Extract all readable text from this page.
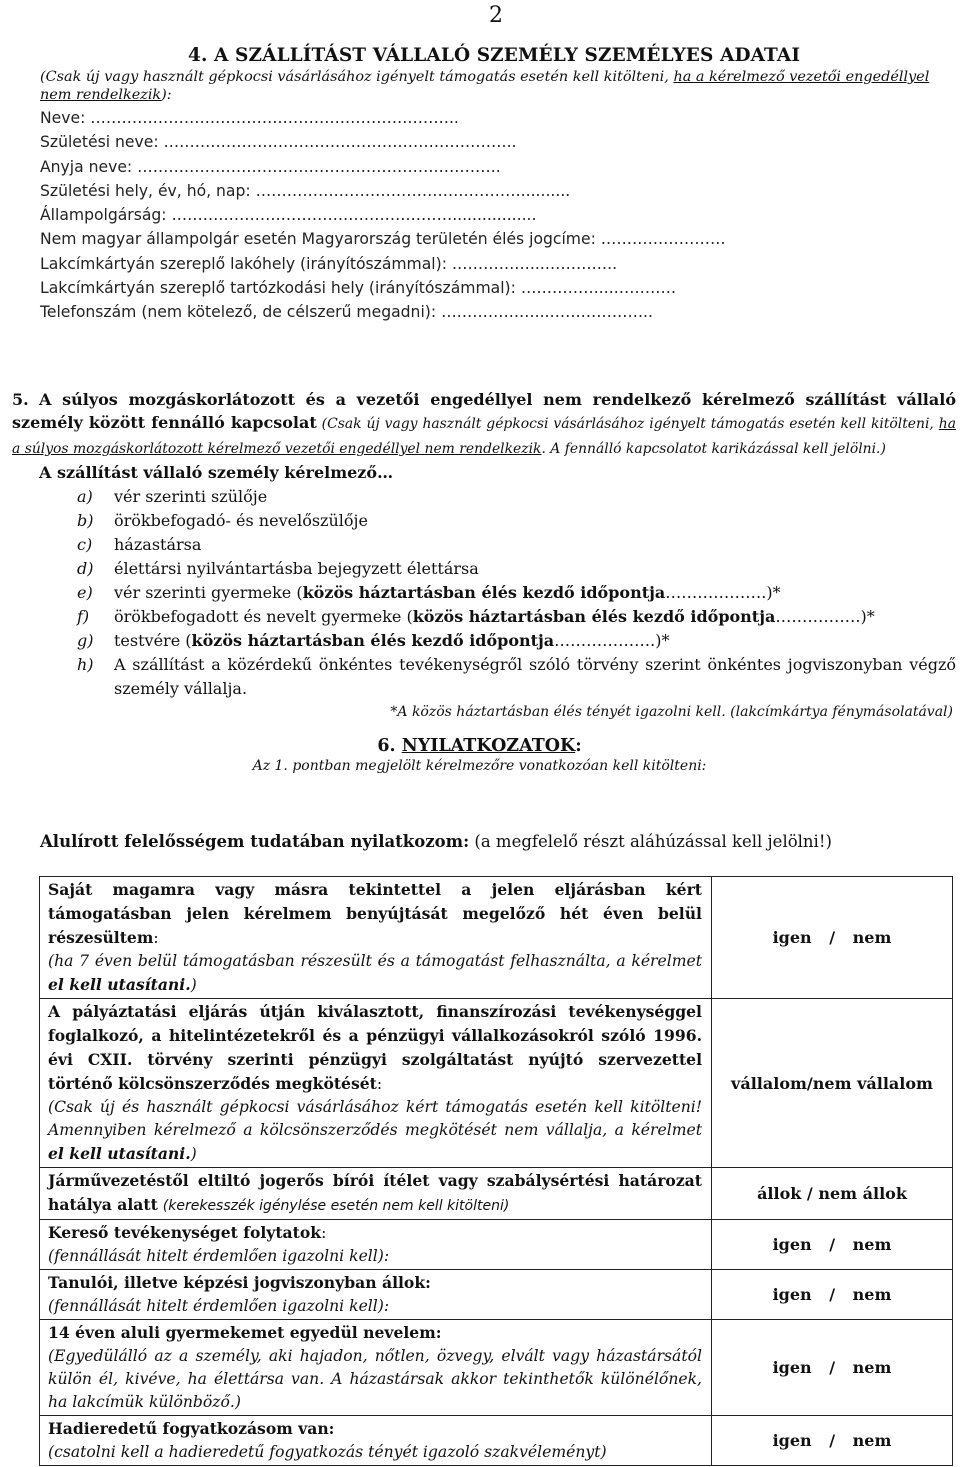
2
4. A SZÁLLÍTÁST VÁLLALÓ SZEMÉLY SZEMÉLYES ADATAI
(Csak új vagy használt gépkocsi vásárlásához igényelt támogatás esetén kell kitölteni, ha a kérelmező vezetői engedéllyel nem rendelkezik):
Neve: ……………………………………………………………..
Születési neve: …………………………………………………………..
Anyja neve: …………………………………………………………….
Születési hely, év, hó, nap: ……………………………………………..........
Állampolgárság: ……………………………………………….................
Nem magyar állampolgár esetén Magyarország területén élés jogcíme: ……………………
Lakcímkártyán szereplő lakóhely (irányítószámmal): ……………...…………..
Lakcímkártyán szereplő tartózkodási hely (irányítószámmal): ……………...…………
Telefonszám (nem kötelező, de célszerű megadni): ………………...………………..
5. A súlyos mozgáskorlátozott és a vezetői engedéllyel nem rendelkező kérelmező szállítást vállaló személy között fennálló kapcsolat (Csak új vagy használt gépkocsi vásárlásához igényelt támogatás esetén kell kitölteni, ha a súlyos mozgáskorlátozott kérelmező vezetői engedéllyel nem rendelkezik. A fennálló kapcsolatot karikázással kell jelölni.)
A szállítást vállaló személy kérelmező…
a)	vér szerinti szülője
b)	örökbefogadó- és nevelőszülője
c)	házastársa
d)	élettársi nyilvántartásba bejegyzett élettársa
e)	vér szerinti gyermeke (közös háztartásban élés kezdő időpontja……………….)*
f)	örökbefogadott és nevelt gyermeke (közös háztartásban élés kezdő időpontja…………….)*
g)	testvére (közös háztartásban élés kezdő időpontja……………….)*
h)	A szállítást a közérdekű önkéntes tevékenységről szóló törvény szerint önkéntes jogviszonyban végző személy vállalja.
*A közös háztartásban élés tényét igazolni kell. (lakcímkártya fénymásolatával)
6. NYILATKOZATOK:
Az 1. pontban megjelölt kérelmezőre vonatkozóan kell kitölteni:
Alulírott felelősségem tudatában nyilatkozom: (a megfelelő részt aláhúzással kell jelölni!)
Saját magamra vagy másra tekintettel a jelen eljárásban kért támogatásban jelen kérelmem benyújtását megelőző hét éven belül részesültem:
(ha 7 éven belül támogatásban részesült és a támogatást felhasználta, a kérelmet el kell utasítani.)	igen / nem
A pályáztatási eljárás útján kiválasztott, finanszírozási tevékenységgel foglalkozó, a hitelintézetekről és a pénzügyi vállalkozásokról szóló 1996. évi CXII. törvény szerinti pénzügyi szolgáltatást nyújtó szervezettel történő kölcsönszerződés megkötését:
(Csak új és használt gépkocsi vásárlásához kért támogatás esetén kell kitölteni! Amennyiben kérelmező a kölcsönszerződés megkötését nem vállalja, a kérelmet el kell utasítani.)	vállalom/nem vállalom
Járművezetéstől eltiltó jogerős bírói ítélet vagy szabálysértési határozat hatálya alatt (kerekesszék igénylése esetén nem kell kitölteni)	állok / nem állok
Kereső tevékenységet folytatok:
(fennállását hitelt érdemlően igazolni kell):	igen / nem
Tanulói, illetve képzési jogviszonyban állok:
(fennállását hitelt érdemlően igazolni kell):	igen / nem
14 éven aluli gyermekemet egyedül nevelem:
(Egyedülálló az a személy, aki hajadon, nőtlen, özvegy, elvált vagy házastársától külön él, kivéve, ha élettársa van. A házastársak akkor tekinthetők különélőnek, ha lakcímük különböző.)	igen / nem
Hadieredetű fogyatkozásom van:
(csatolni kell a hadieredetű fogyatkozás tényét igazoló szakvéleményt)	igen / nem
